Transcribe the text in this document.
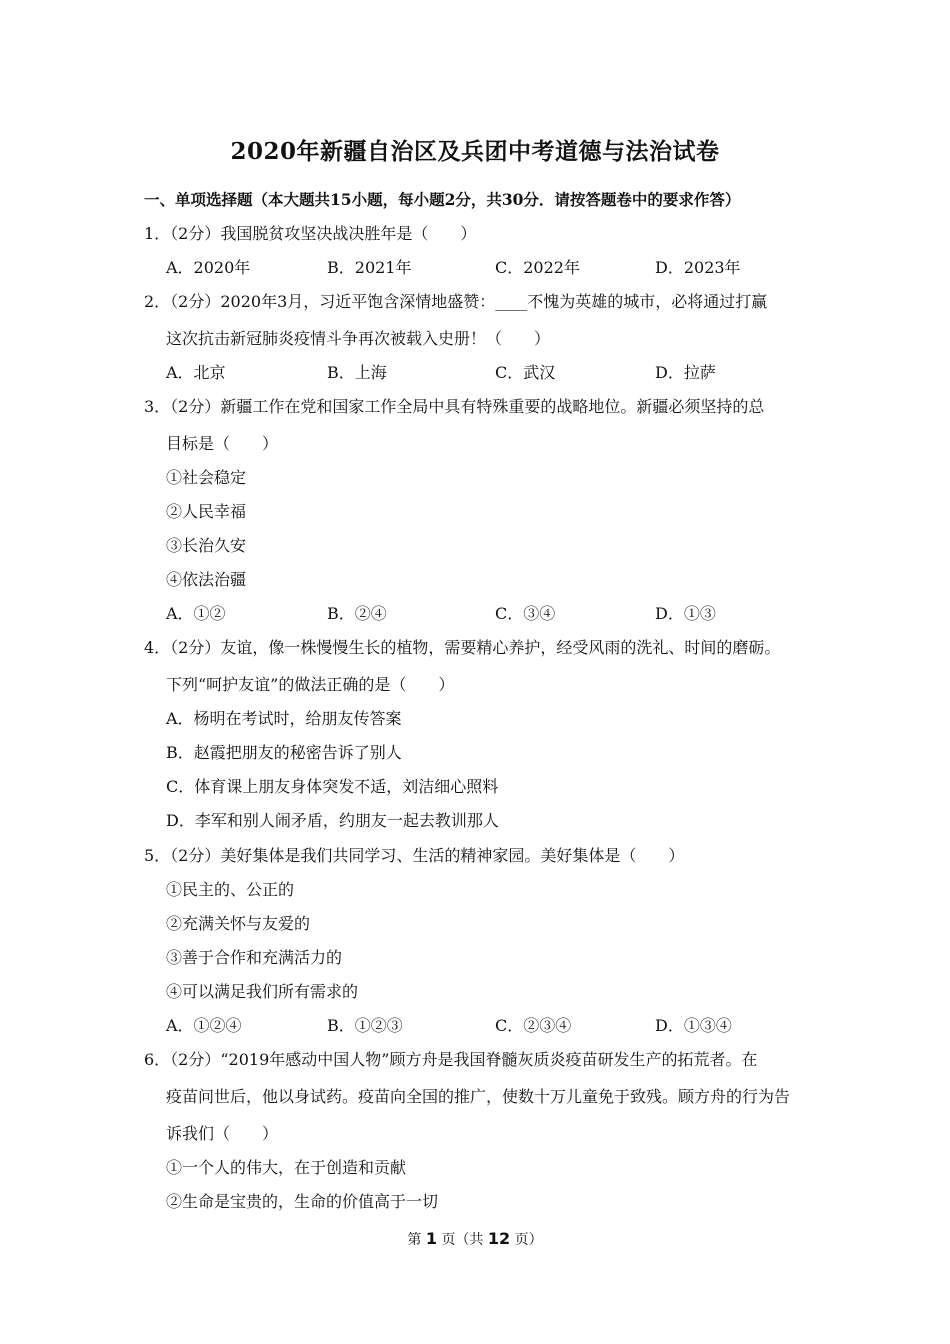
2020年新疆自治区及兵团中考道德与法治试卷
一、单项选择题（本大题共15小题，每小题2分，共30分．请按答题卷中的要求作答）
1．（2分）我国脱贫攻坚决战决胜年是（　　）
A．2020年	B．2021年	C．2022年	D．2023年
2．（2分）2020年3月，习近平饱含深情地盛赞：____不愧为英雄的城市，必将通过打赢
这次抗击新冠肺炎疫情斗争再次被载入史册！（　　）
A．北京	B．上海	C．武汉	D．拉萨
3．（2分）新疆工作在党和国家工作全局中具有特殊重要的战略地位。新疆必须坚持的总
目标是（　　）
①社会稳定
②人民幸福
③长治久安
④依法治疆
A．①②	B．②④	C．③④	D．①③
4．（2分）友谊，像一株慢慢生长的植物，需要精心养护，经受风雨的洗礼、时间的磨砺。
下列“呵护友谊”的做法正确的是（　　）
A．杨明在考试时，给朋友传答案
B．赵霞把朋友的秘密告诉了别人
C．体育课上朋友身体突发不适，刘洁细心照料
D．李军和别人闹矛盾，约朋友一起去教训那人
5．（2分）美好集体是我们共同学习、生活的精神家园。美好集体是（　　）
①民主的、公正的
②充满关怀与友爱的
③善于合作和充满活力的
④可以满足我们所有需求的
A．①②④	B．①②③	C．②③④	D．①③④
6．（2分）“2019年感动中国人物”顾方舟是我国脊髓灰质炎疫苗研发生产的拓荒者。在
疫苗问世后，他以身试药。疫苗向全国的推广，使数十万儿童免于致残。顾方舟的行为告
诉我们（　　）
①一个人的伟大，在于创造和贡献
②生命是宝贵的，生命的价值高于一切
第 1 页（共 12 页）
